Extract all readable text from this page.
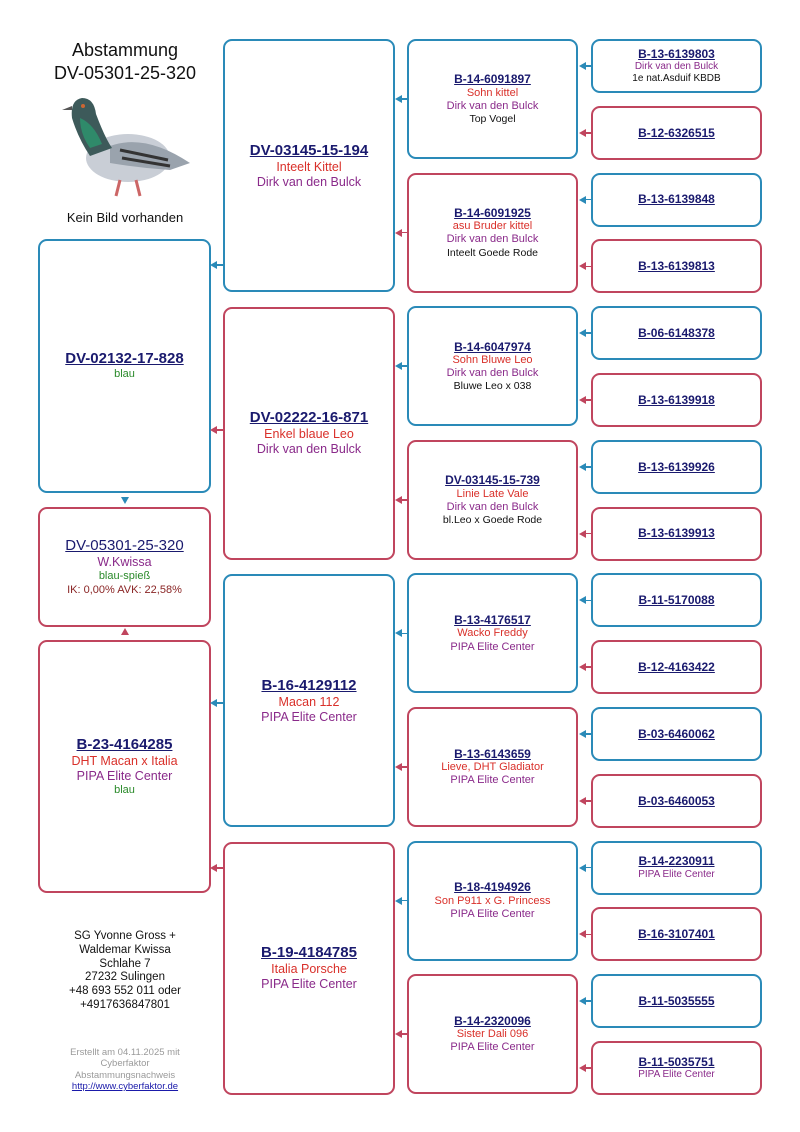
Abstammung
DV-05301-25-320
Kein Bild vorhanden
DV-02132-17-828
blau
DV-05301-25-320
W.Kwissa
blau-spieß
IK: 0,00% AVK: 22,58%
B-23-4164285
DHT Macan x Italia
PIPA Elite Center
blau
DV-03145-15-194
Inteelt Kittel
Dirk van den Bulck
DV-02222-16-871
Enkel blaue Leo
Dirk van den Bulck
B-16-4129112
Macan 112
PIPA Elite Center
B-19-4184785
Italia Porsche
PIPA Elite Center
B-14-6091897
Sohn kittel
Dirk van den Bulck
Top Vogel
B-14-6091925
asu Bruder kittel
Dirk van den Bulck
Inteelt Goede Rode
B-14-6047974
Sohn Bluwe Leo
Dirk van den Bulck
Bluwe Leo x 038
DV-03145-15-739
Linie Late Vale
Dirk van den Bulck
bl.Leo x Goede Rode
B-13-4176517
Wacko Freddy
PIPA Elite Center
B-13-6143659
Lieve, DHT Gladiator
PIPA Elite Center
B-18-4194926
Son P911 x G. Princess
PIPA Elite Center
B-14-2320096
Sister Dali 096
PIPA Elite Center
B-13-6139803
Dirk van den Bulck
1e nat.Asduif KBDB
B-12-6326515
B-13-6139848
B-13-6139813
B-06-6148378
B-13-6139918
B-13-6139926
B-13-6139913
B-11-5170088
B-12-4163422
B-03-6460062
B-03-6460053
B-14-2230911
PIPA Elite Center
B-16-3107401
B-11-5035555
B-11-5035751
PIPA Elite Center
SG Yvonne Gross +
Waldemar Kwissa
Schlahe 7
27232 Sulingen
+48 693 552 011 oder
+4917636847801
Erstellt am 04.11.2025 mit
Cyberfaktor
Abstammungsnachweis
http://www.cyberfaktor.de
